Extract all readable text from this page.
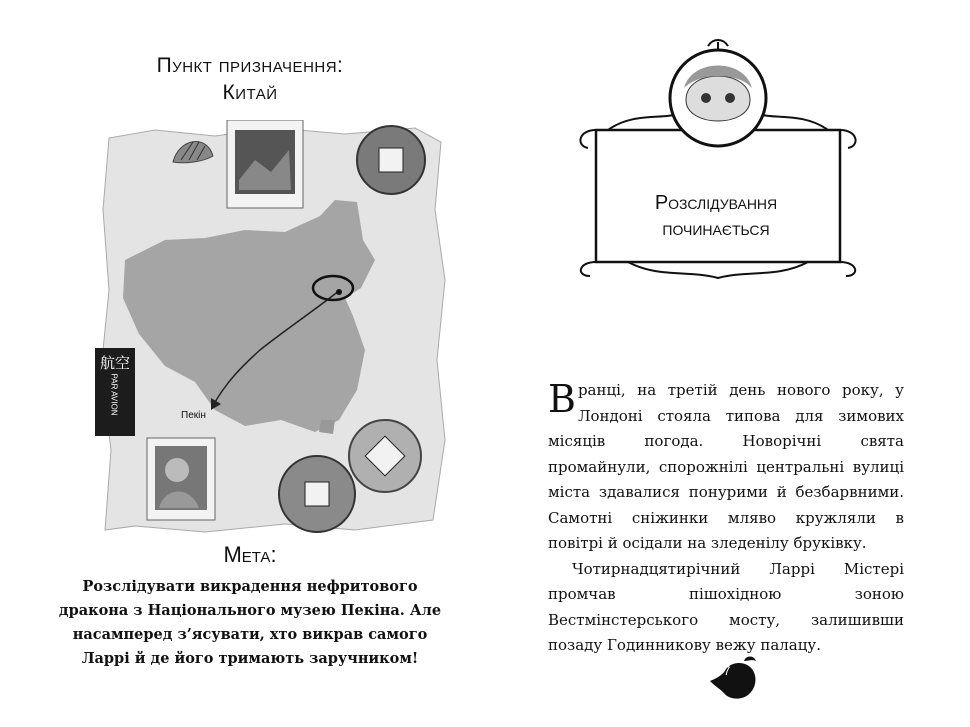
Пункт призначення:
Китай
Пекін
航空
PAR AVION
Мета:
Розслідувати викрадення нефритового дракона з Національного музею Пекіна. Але насамперед з’ясувати, хто викрав самого Ларрі й де його тримають заручником!
Розслідування
починається

Вранці, на третій день нового року, у Лондоні стояла типова для зимових місяців погода. Новорічні свята промайнули, спорожнілі центральні вулиці міста здавалися понурими й безбарвними. Самотні сніжинки мляво кружляли в повітрі й осідали на зледенілу бруківку.

Чотирнадцятирічний Ларрі Містері промчав пішохідною зоною Вестмінстерського мосту, залишивши позаду Годинникову вежу палацу.

7
